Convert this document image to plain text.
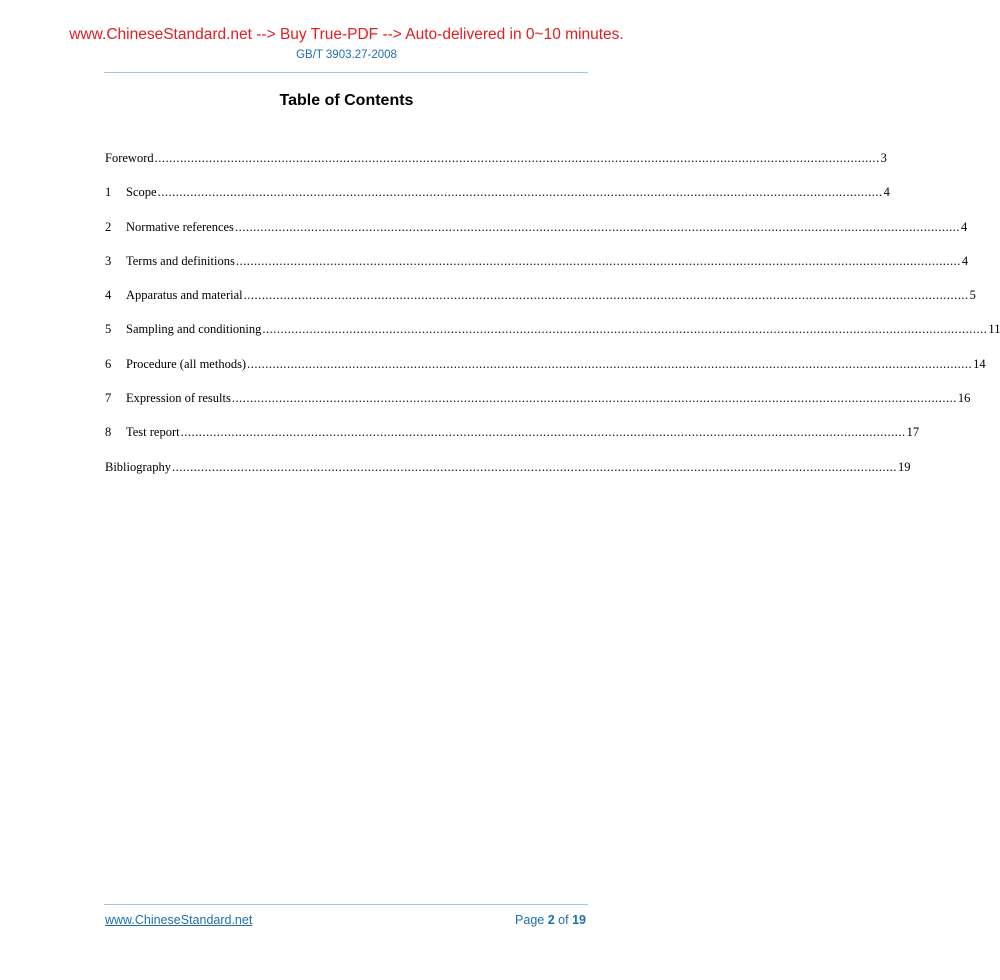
www.ChineseStandard.net --> Buy True-PDF --> Auto-delivered in 0~10 minutes.
GB/T 3903.27-2008
Table of Contents
Foreword ........................................................................................................................................................................................................ 3
1	Scope ........................................................................................................................................................................................................ 4
2	Normative references ........................................................................................................................................................................................................ 4
3	Terms and definitions ........................................................................................................................................................................................................ 4
4	Apparatus and material ........................................................................................................................................................................................................ 5
5	Sampling and conditioning ........................................................................................................................................................................................................ 11
6	Procedure (all methods) ........................................................................................................................................................................................................ 14
7	Expression of results ........................................................................................................................................................................................................ 16
8	Test report ........................................................................................................................................................................................................ 17
Bibliography ........................................................................................................................................................................................................ 19
www.ChineseStandard.net	Page 2 of 19
